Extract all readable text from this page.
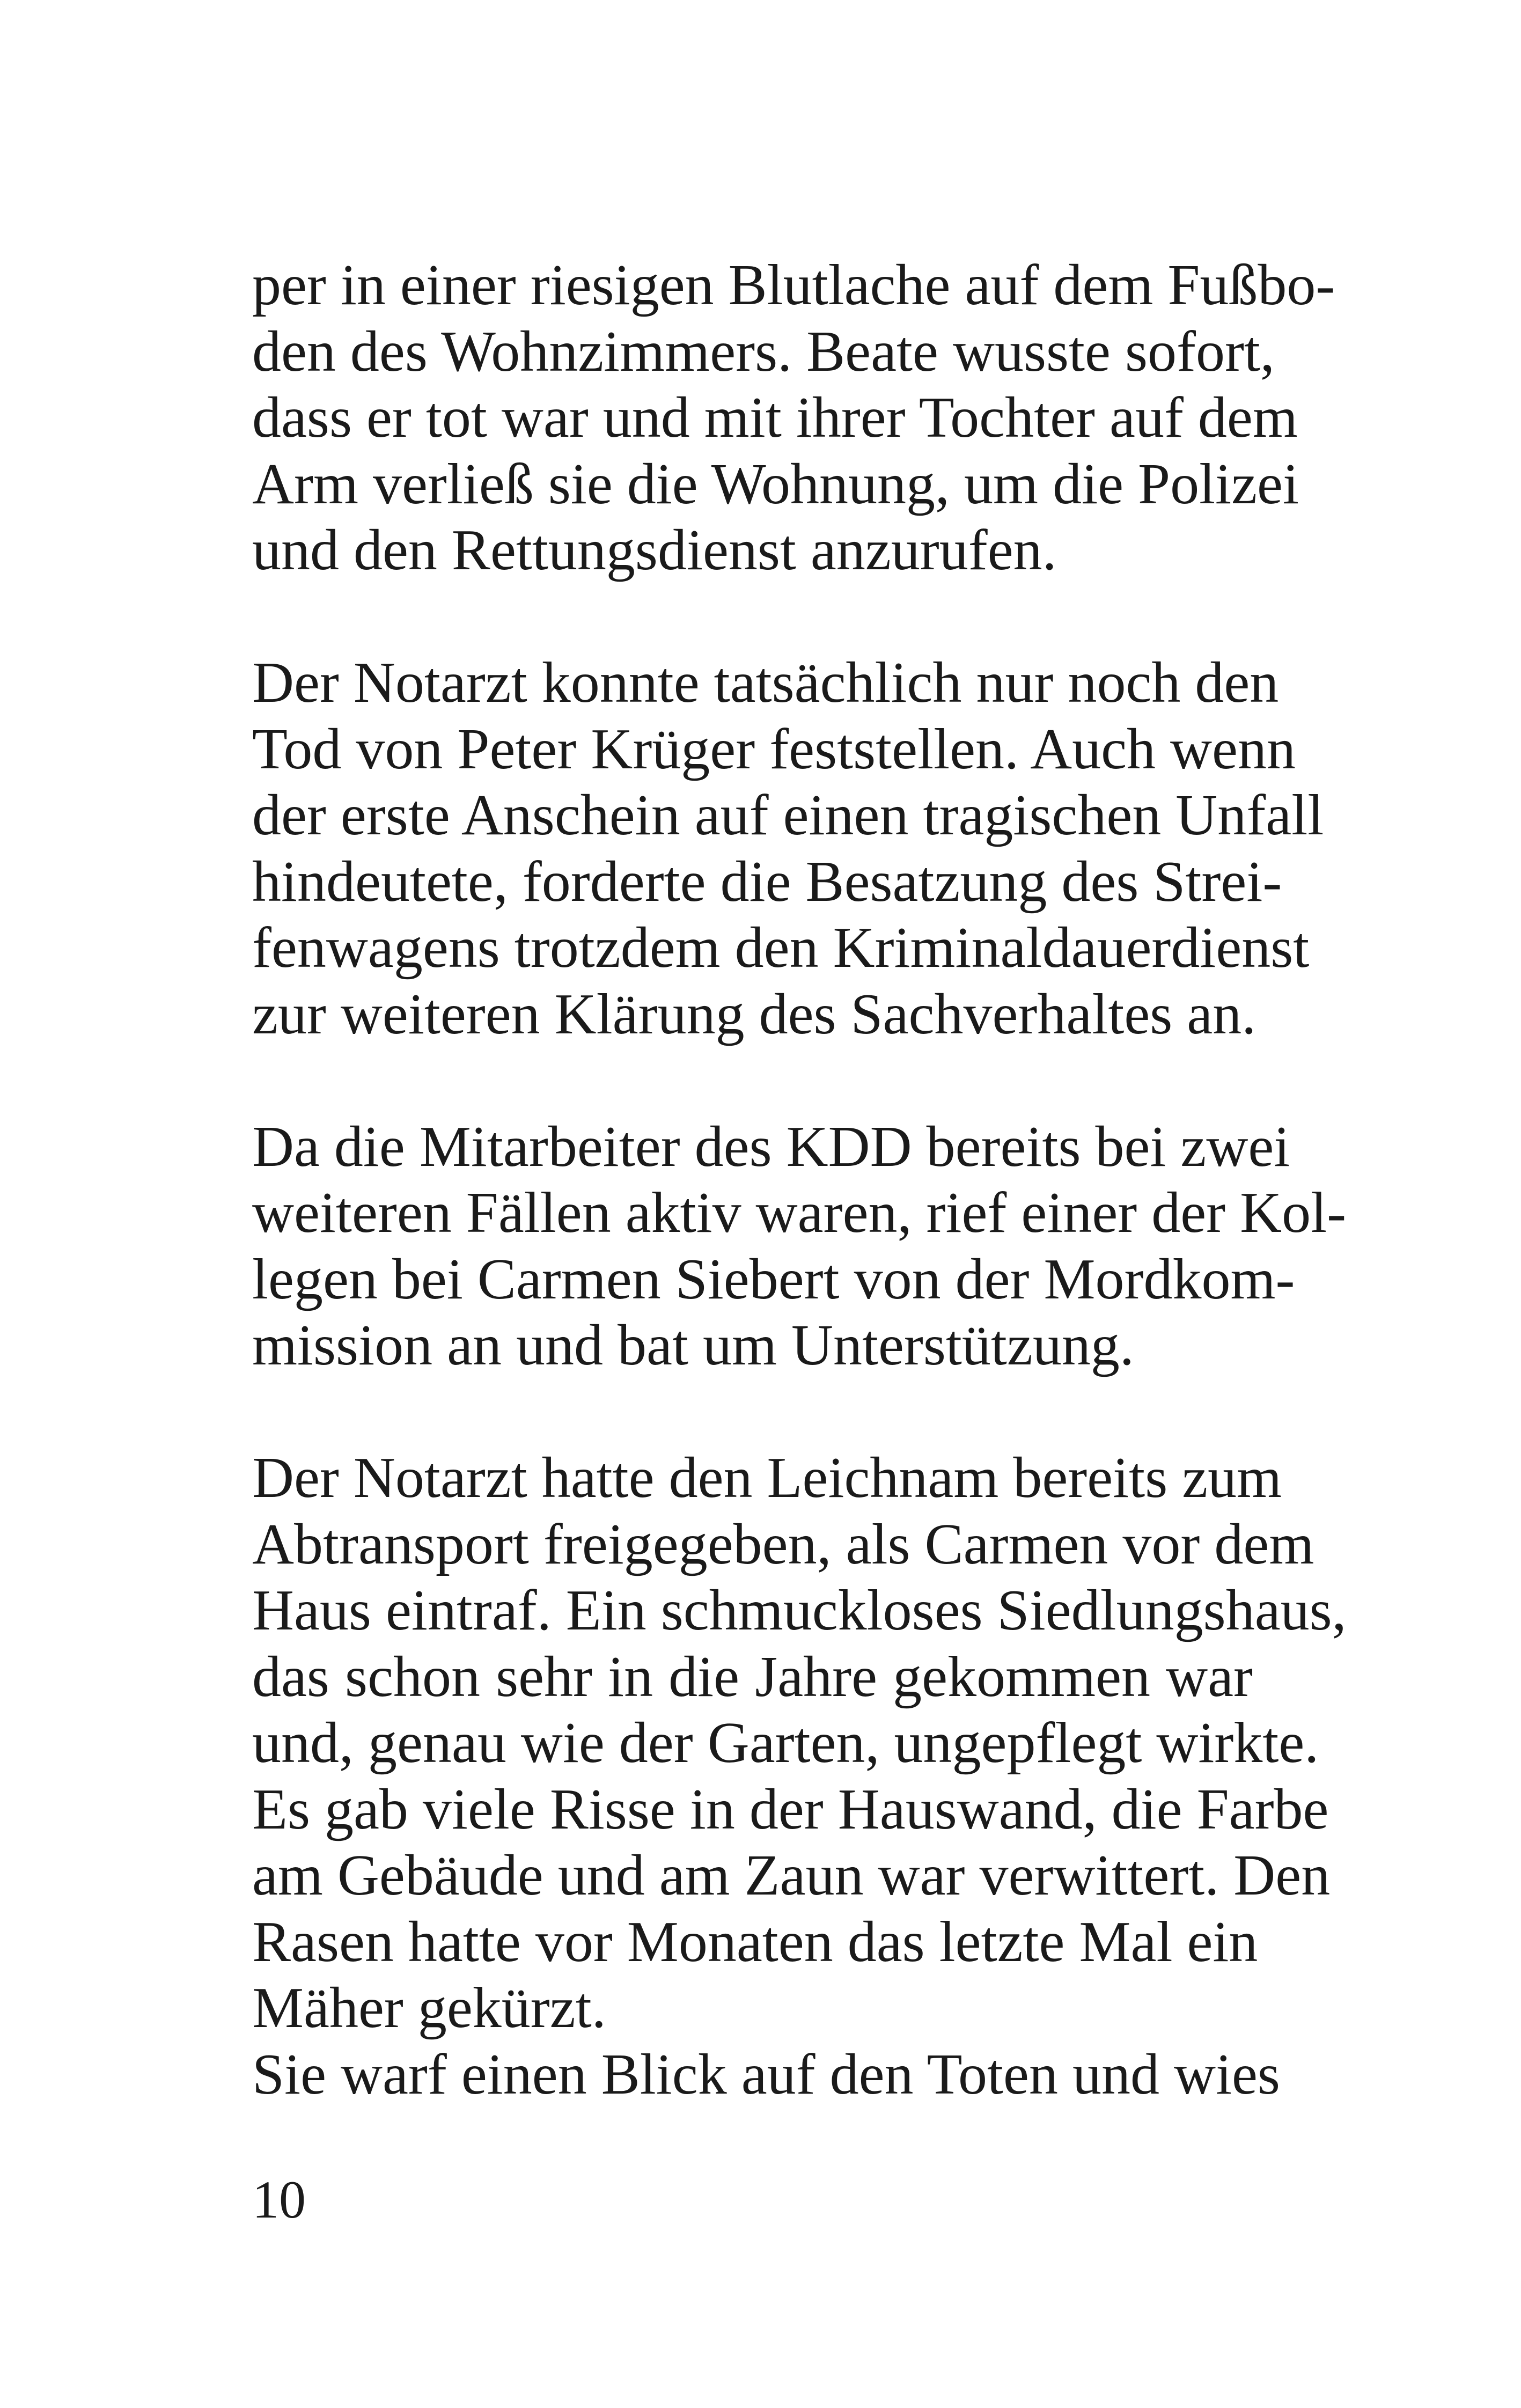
per in einer riesigen Blutlache auf dem Fußbo-
den des Wohnzimmers. Beate wusste sofort,
dass er tot war und mit ihrer Tochter auf dem
Arm verließ sie die Wohnung, um die Polizei
und den Rettungsdienst anzurufen.
Der Notarzt konnte tatsächlich nur noch den
Tod von Peter Krüger feststellen. Auch wenn
der erste Anschein auf einen tragischen Unfall
hindeutete, forderte die Besatzung des Strei-
fenwagens trotzdem den Kriminaldauerdienst
zur weiteren Klärung des Sachverhaltes an.
Da die Mitarbeiter des KDD bereits bei zwei
weiteren Fällen aktiv waren, rief einer der Kol-
legen bei Carmen Siebert von der Mordkom-
mission an und bat um Unterstützung.
Der Notarzt hatte den Leichnam bereits zum
Abtransport freigegeben, als Carmen vor dem
Haus eintraf. Ein schmuckloses Siedlungshaus,
das schon sehr in die Jahre gekommen war
und, genau wie der Garten, ungepflegt wirkte.
Es gab viele Risse in der Hauswand, die Farbe
am Gebäude und am Zaun war verwittert. Den
Rasen hatte vor Monaten das letzte Mal ein
Mäher gekürzt.
Sie warf einen Blick auf den Toten und wies
10
